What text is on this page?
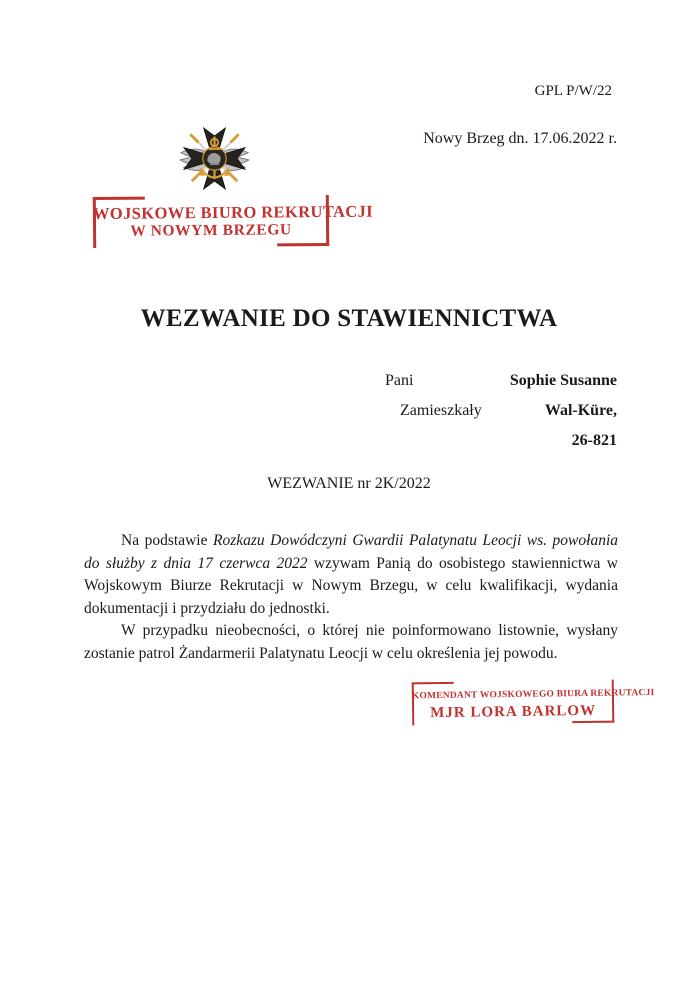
GPL P/W/22
Nowy Brzeg dn. 17.06.2022 r.
WOJSKOWE BIURO REKRUTACJI
W NOWYM BRZEGU
WEZWANIE DO STAWIENNICTWA
Pani	Sophie Susanne
Zamieszkały	Wal-Küre,
26-821
WEZWANIE nr 2K/2022

Na podstawie Rozkazu Dowódczyni Gwardii Palatynatu Leocji ws. powołania do służby z dnia 17 czerwca 2022 wzywam Panią do osobistego stawiennictwa w Wojskowym Biurze Rekrutacji w Nowym Brzegu, w celu kwalifikacji, wydania dokumentacji i przydziału do jednostki.

W przypadku nieobecności, o której nie poinformowano listownie, wysłany zostanie patrol Żandarmerii Palatynatu Leocji w celu określenia jej powodu.

KOMENDANT WOJSKOWEGO BIURA REKRUTACJI
MJR LORA BARLOW
